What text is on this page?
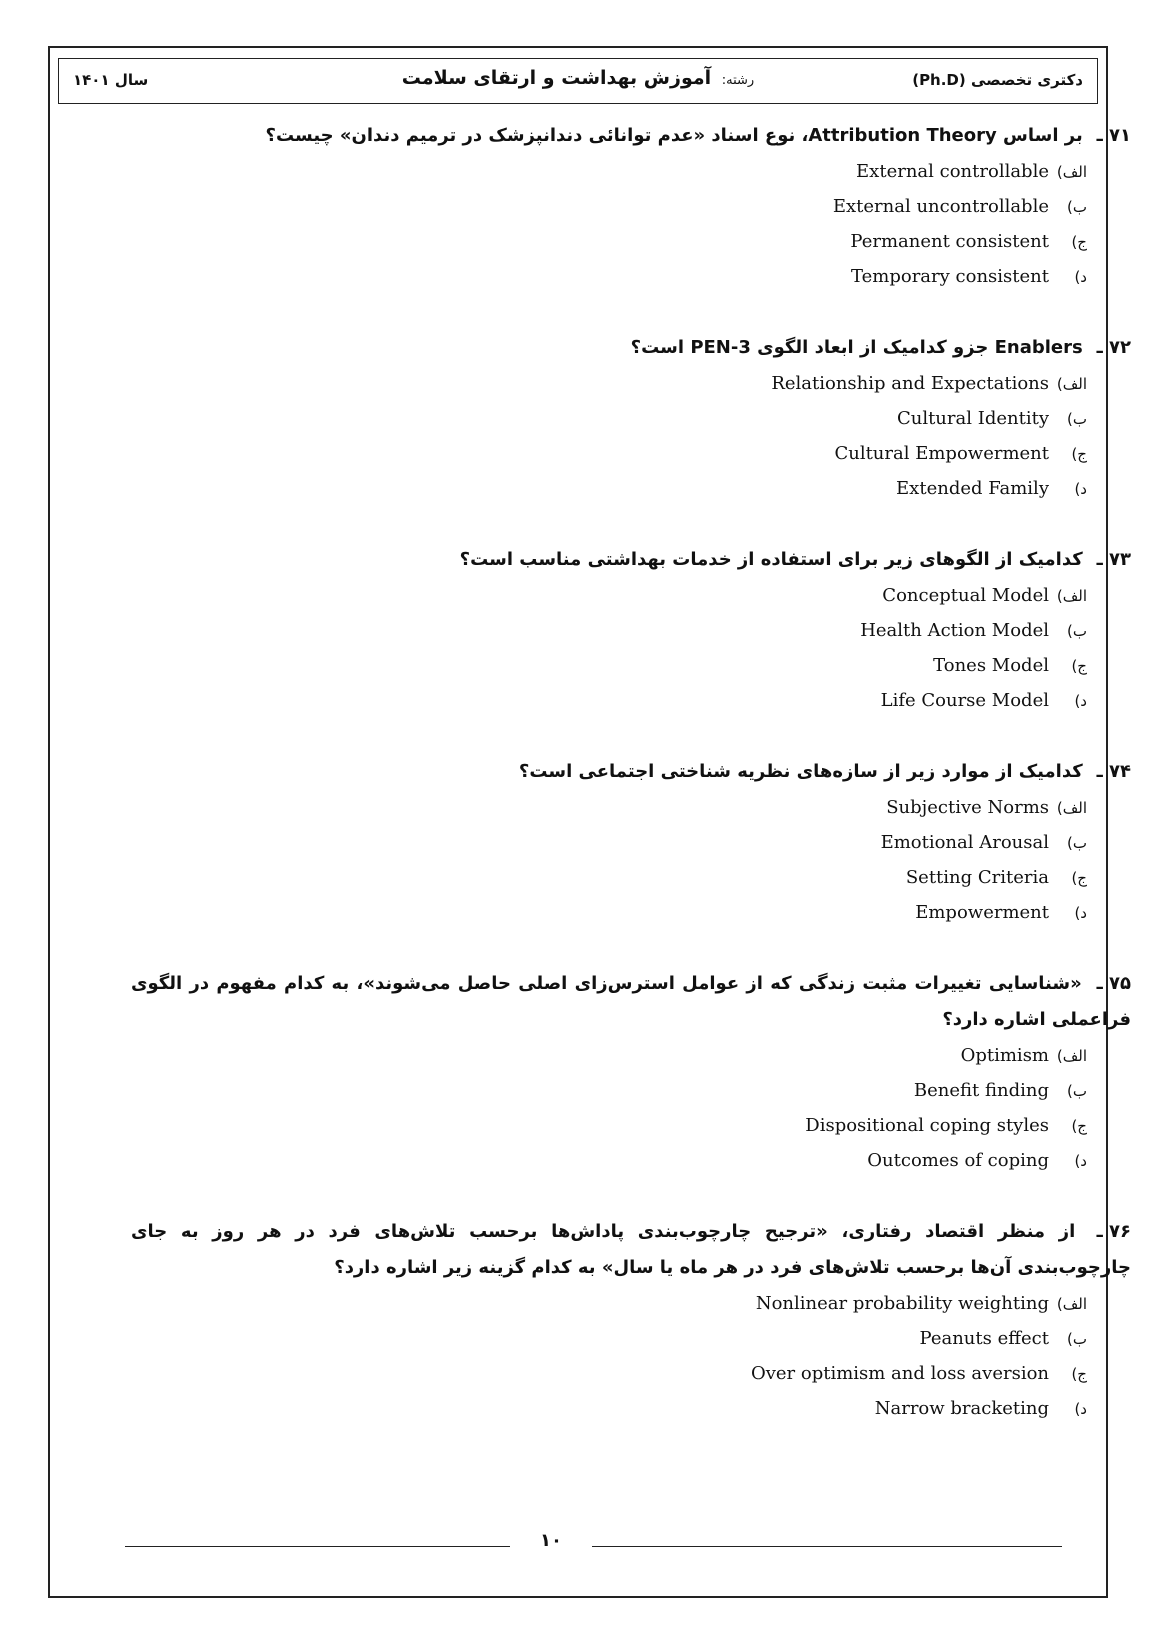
دکتری تخصصی (Ph.D)
رشته: آموزش بهداشت و ارتقای سلامت
سال ۱۴۰۱
۷۱ ـ بر اساس Attribution Theory، نوع اسناد «عدم توانائی دندانپزشک در ترمیم دندان» چیست؟
الف)External controllable
ب)External uncontrollable
ج)Permanent consistent
د)Temporary consistent
۷۲ ـ Enablers جزو کدامیک از ابعاد الگوی PEN-3 است؟
الف)Relationship and Expectations
ب)Cultural Identity
ج)Cultural Empowerment
د)Extended Family
۷۳ ـ کدامیک از الگوهای زیر برای استفاده از خدمات بهداشتی مناسب است؟
الف)Conceptual Model
ب)Health Action Model
ج)Tones Model
د)Life Course Model
۷۴ ـ کدامیک از موارد زیر از سازه‌های نظریه شناختی اجتماعی است؟
الف)Subjective Norms
ب)Emotional Arousal
ج)Setting Criteria
د)Empowerment
۷۵ ـ «شناسایی تغییرات مثبت زندگی که از عوامل استرس‌زای اصلی حاصل می‌شوند»، به کدام مفهوم در الگوی فراعملی اشاره دارد؟
الف)Optimism
ب)Benefit finding
ج)Dispositional coping styles
د)Outcomes of coping
۷۶ ـ از منظر اقتصاد رفتاری، «ترجیح چارچوب‌بندی پاداش‌ها برحسب تلاش‌های فرد در هر روز به جای چارچوب‌بندی آن‌ها برحسب تلاش‌های فرد در هر ماه یا سال» به کدام گزینه زیر اشاره دارد؟
الف)Nonlinear probability weighting
ب)Peanuts effect
ج)Over optimism and loss aversion
د)Narrow bracketing
۱۰
